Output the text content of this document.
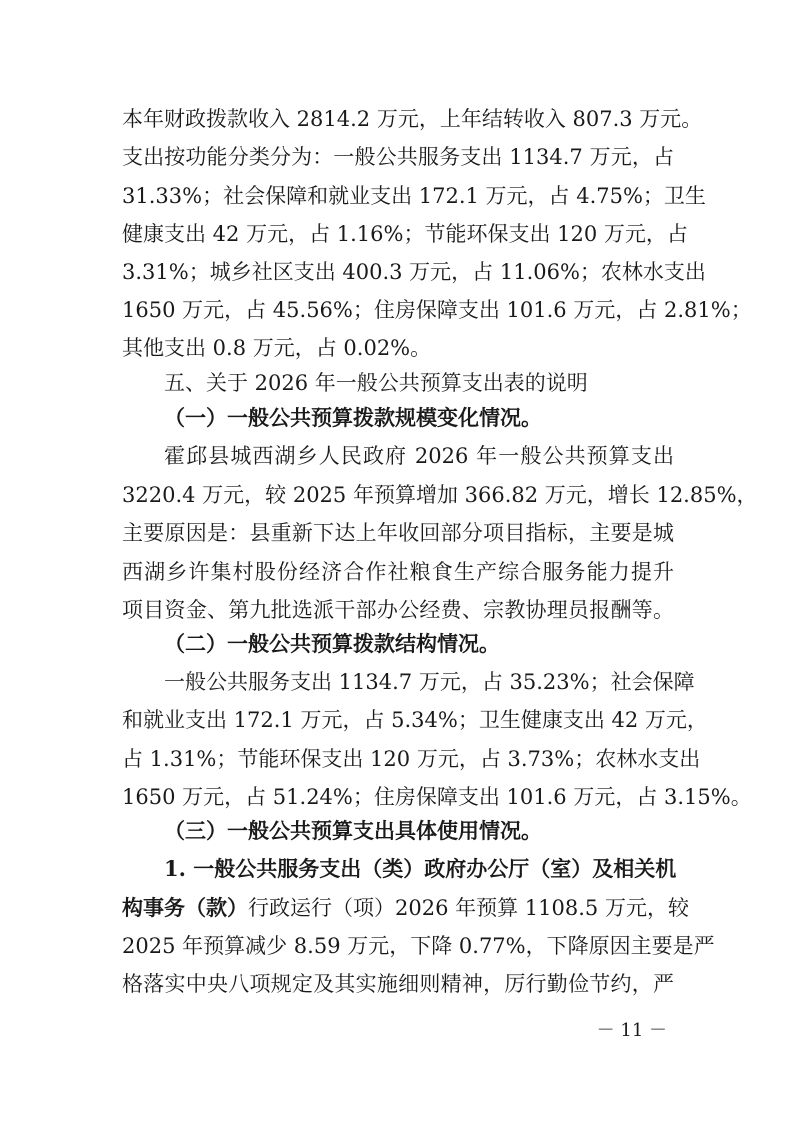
本年财政拨款收入 2814.2 万元，上年结转收入 807.3 万元。
支出按功能分类分为：一般公共服务支出 1134.7 万元，占
31.33%；社会保障和就业支出 172.1 万元，占 4.75%；卫生
健康支出 42 万元，占 1.16%；节能环保支出 120 万元，占
3.31%；城乡社区支出 400.3 万元，占 11.06%；农林水支出
1650 万元，占 45.56%；住房保障支出 101.6 万元，占 2.81%；
其他支出 0.8 万元，占 0.02%。
五、关于 2026 年一般公共预算支出表的说明
（一）一般公共预算拨款规模变化情况。
霍邱县城西湖乡人民政府 2026 年一般公共预算支出
3220.4 万元，较 2025 年预算增加 366.82 万元，增长 12.85%，
主要原因是：县重新下达上年收回部分项目指标，主要是城
西湖乡许集村股份经济合作社粮食生产综合服务能力提升
项目资金、第九批选派干部办公经费、宗教协理员报酬等。
（二）一般公共预算拨款结构情况。
一般公共服务支出 1134.7 万元，占 35.23%；社会保障
和就业支出 172.1 万元，占 5.34%；卫生健康支出 42 万元，
占 1.31%；节能环保支出 120 万元，占 3.73%；农林水支出
1650 万元，占 51.24%；住房保障支出 101.6 万元，占 3.15%。
（三）一般公共预算支出具体使用情况。
1. 一般公共服务支出（类）政府办公厅（室）及相关机
构事务（款）行政运行（项）2026 年预算 1108.5 万元，较
2025 年预算减少 8.59 万元，下降 0.77%，下降原因主要是严
格落实中央八项规定及其实施细则精神，厉行勤俭节约，严
－ 11 －
